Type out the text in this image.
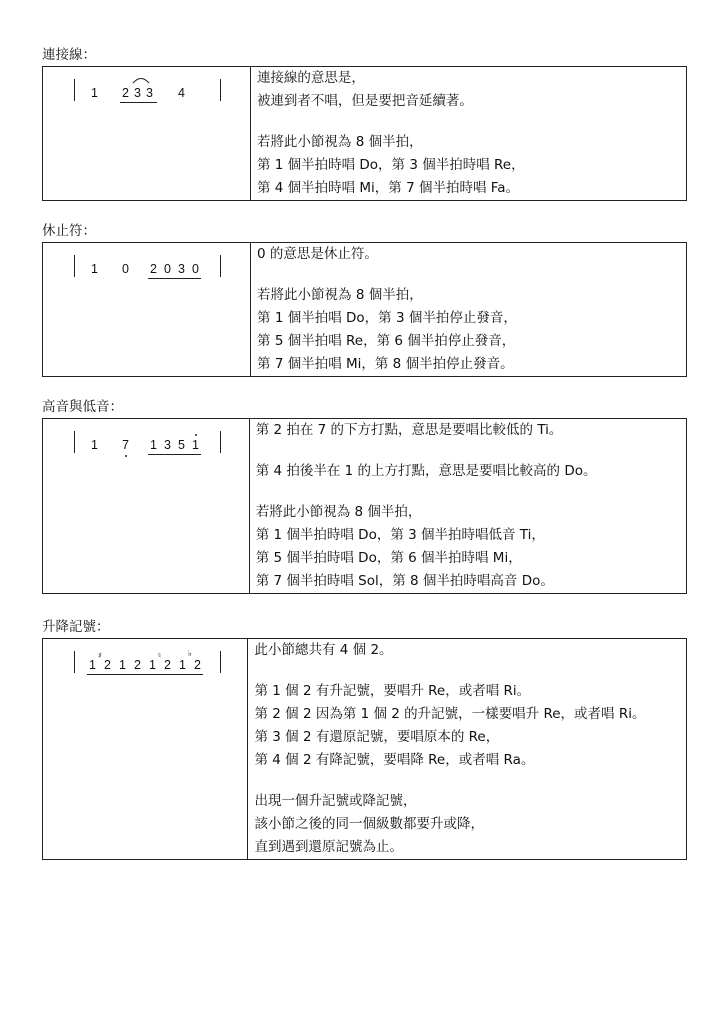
連接線：
1 2 3 3 4

連接線的意思是，
被連到者不唱，但是要把音延續著。
若將此小節視為 8 個半拍，
第 1 個半拍時唱 Do，第 3 個半拍時唱 Re，
第 4 個半拍時唱 Mi，第 7 個半拍時唱 Fa。
休止符：
1 0 2 0 3 0

0 的意思是休止符。
若將此小節視為 8 個半拍，
第 1 個半拍唱 Do，第 3 個半拍停止發音，
第 5 個半拍唱 Re，第 6 個半拍停止發音，
第 7 個半拍唱 Mi，第 8 個半拍停止發音。
高音與低音：
1 7 1 3 5 1

第 2 拍在 7 的下方打點，意思是要唱比較低的 Ti。
第 4 拍後半在 1 的上方打點，意思是要唱比較高的 Do。
若將此小節視為 8 個半拍，
第 1 個半拍時唱 Do，第 3 個半拍時唱低音 Ti，
第 5 個半拍時唱 Do，第 6 個半拍時唱 Mi，
第 7 個半拍時唱 Sol，第 8 個半拍時唱高音 Do。
升降記號：
1
♯
2 1 2 1
♮
2 1
♭
2

此小節總共有 4 個 2。
第 1 個 2 有升記號，要唱升 Re，或者唱 Ri。
第 2 個 2 因為第 1 個 2 的升記號，一樣要唱升 Re，或者唱 Ri。
第 3 個 2 有還原記號，要唱原本的 Re，
第 4 個 2 有降記號，要唱降 Re，或者唱 Ra。
出現一個升記號或降記號，
該小節之後的同一個級數都要升或降，
直到遇到還原記號為止。
